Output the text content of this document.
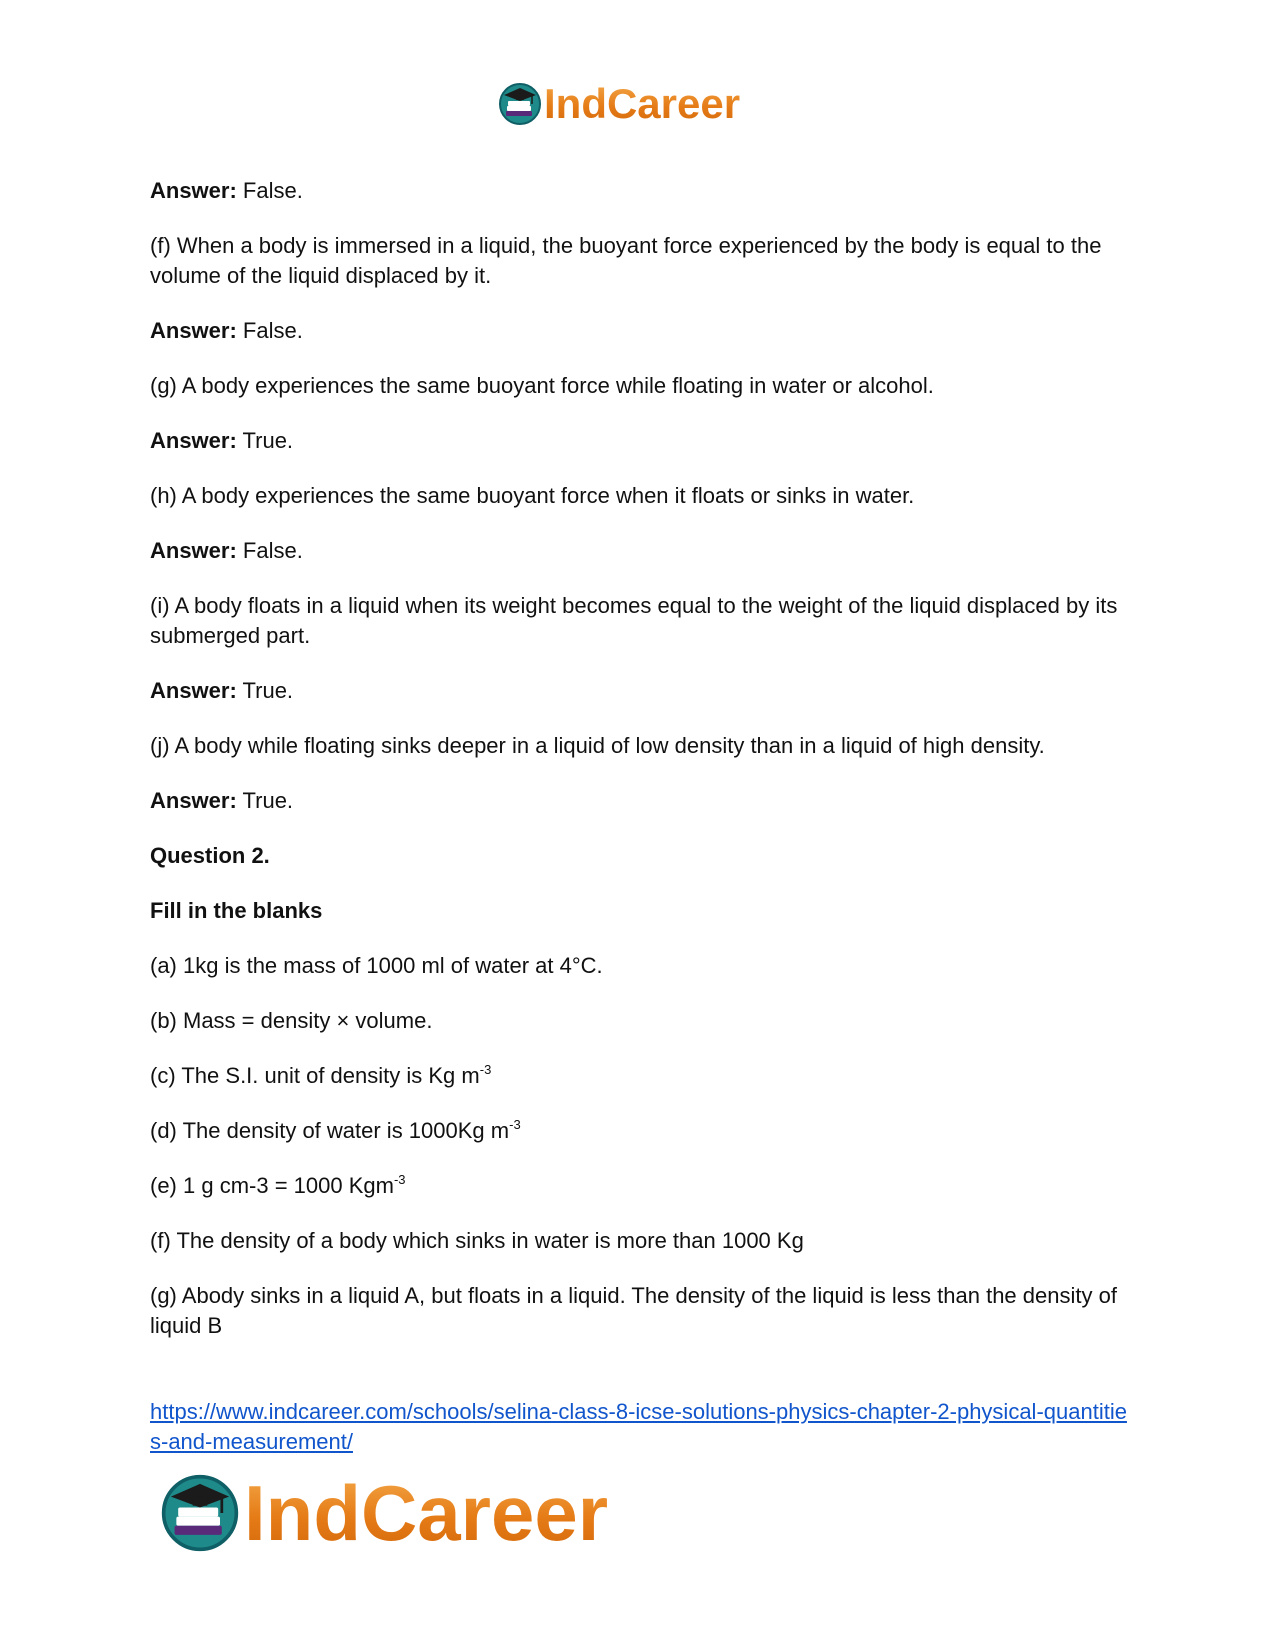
IndCareer

Answer: False.

(f) When a body is immersed in a liquid, the buoyant force experienced by the body is equal to the volume of the liquid displaced by it.

Answer: False.

(g) A body experiences the same buoyant force while floating in water or alcohol.

Answer: True.

(h) A body experiences the same buoyant force when it floats or sinks in water.

Answer: False.

(i) A body floats in a liquid when its weight becomes equal to the weight of the liquid displaced by its submerged part.

Answer: True.

(j) A body while floating sinks deeper in a liquid of low density than in a liquid of high density.

Answer: True.

Question 2.

Fill in the blanks

(a) 1kg is the mass of 1000 ml of water at 4°C.

(b) Mass = density × volume.

(c) The S.I. unit of density is Kg $m^{-3}$

(d) The density of water is 1000Kg $m^{-3}$

(e) 1 g cm-3 = 1000 Kgm$^{-3}$

(f) The density of a body which sinks in water is more than 1000 Kg

(g) Abody sinks in a liquid A, but floats in a liquid. The density of the liquid is less than the density of liquid B

https://www.indcareer.com/schools/selina-class-8-icse-solutions-physics-chapter-2-physical-quantities-and-measurement/
IndCareer
